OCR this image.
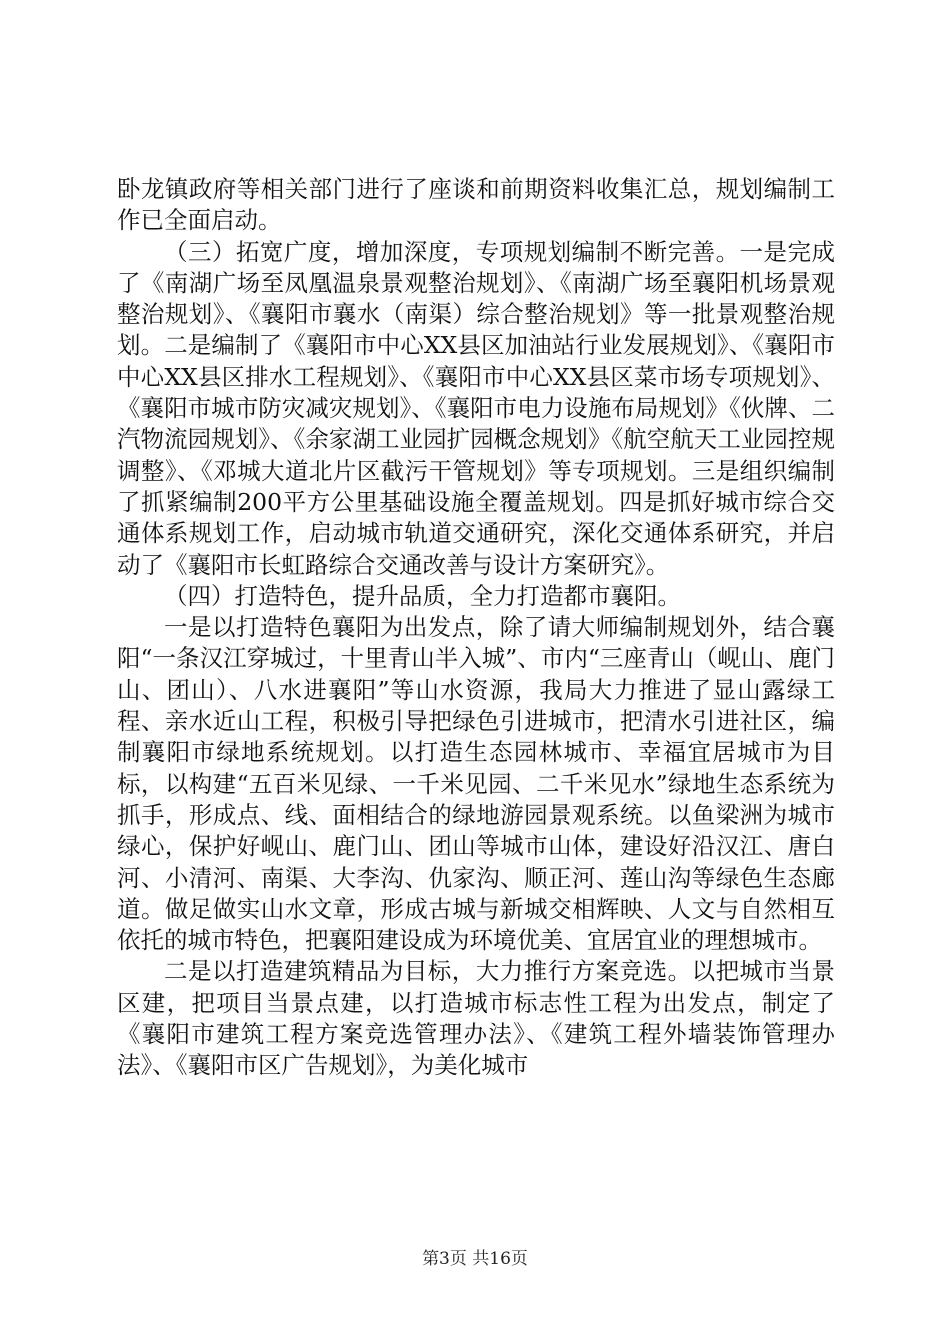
卧龙镇政府等相关部门进行了座谈和前期资料收集汇总，规划编制工作已全面启动。

（三）拓宽广度，增加深度，专项规划编制不断完善。一是完成了《南湖广场至凤凰温泉景观整治规划》、《南湖广场至襄阳机场景观整治规划》、《襄阳市襄水（南渠）综合整治规划》等一批景观整治规划。二是编制了《襄阳市中心XX县区加油站行业发展规划》、《襄阳市中心XX县区排水工程规划》、《襄阳市中心XX县区菜市场专项规划》、《襄阳市城市防灾减灾规划》、《襄阳市电力设施布局规划》《伙牌、二汽物流园规划》、《余家湖工业园扩园概念规划》《航空航天工业园控规调整》、《邓城大道北片区截污干管规划》等专项规划。三是组织编制了抓紧编制200平方公里基础设施全覆盖规划。四是抓好城市综合交通体系规划工作，启动城市轨道交通研究，深化交通体系研究，并启动了《襄阳市长虹路综合交通改善与设计方案研究》。

（四）打造特色，提升品质，全力打造都市襄阳。

一是以打造特色襄阳为出发点，除了请大师编制规划外，结合襄阳“一条汉江穿城过，十里青山半入城”、市内“三座青山（岘山、鹿门山、团山）、八水进襄阳”等山水资源，我局大力推进了显山露绿工程、亲水近山工程，积极引导把绿色引进城市，把清水引进社区，编制襄阳市绿地系统规划。以打造生态园林城市、幸福宜居城市为目标，以构建“五百米见绿、一千米见园、二千米见水”绿地生态系统为抓手，形成点、线、面相结合的绿地游园景观系统。以鱼梁洲为城市绿心，保护好岘山、鹿门山、团山等城市山体，建设好沿汉江、唐白河、小清河、南渠、大李沟、仇家沟、顺正河、莲山沟等绿色生态廊道。做足做实山水文章，形成古城与新城交相辉映、人文与自然相互依托的城市特色，把襄阳建设成为环境优美、宜居宜业的理想城市。

二是以打造建筑精品为目标，大力推行方案竞选。以把城市当景区建，把项目当景点建，以打造城市标志性工程为出发点，制定了《襄阳市建筑工程方案竞选管理办法》、《建筑工程外墙装饰管理办法》、《襄阳市区广告规划》，为美化城市

第3页 共16页
